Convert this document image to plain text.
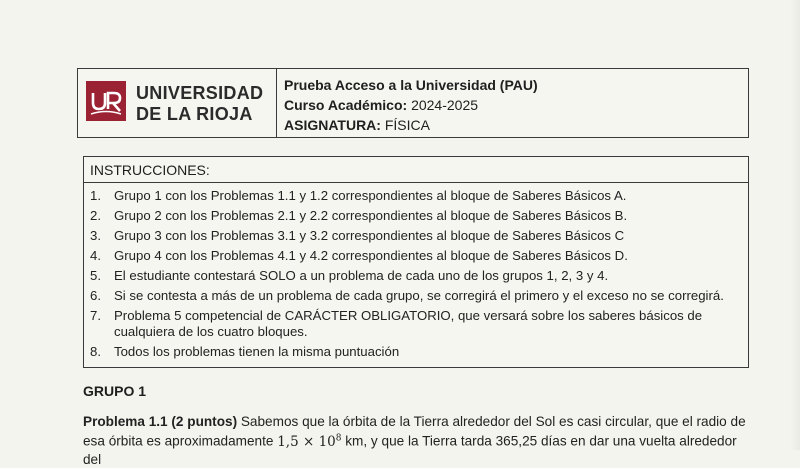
UNIVERSIDAD
DE LA RIOJA
Prueba Acceso a la Universidad (PAU)
Curso Académico: 2024-2025
ASIGNATURA: FÍSICA
INSTRUCCIONES:
1. Grupo 1 con los Problemas 1.1 y 1.2 correspondientes al bloque de Saberes Básicos A.
2. Grupo 2 con los Problemas 2.1 y 2.2 correspondientes al bloque de Saberes Básicos B.
3. Grupo 3 con los Problemas 3.1 y 3.2 correspondientes al bloque de Saberes Básicos C
4. Grupo 4 con los Problemas 4.1 y 4.2 correspondientes al bloque de Saberes Básicos D.
5. El estudiante contestará SOLO a un problema de cada uno de los grupos 1, 2, 3 y 4.
6. Si se contesta a más de un problema de cada grupo, se corregirá el primero y el exceso no se corregirá.
7. Problema 5 competencial de CARÁCTER OBLIGATORIO, que versará sobre los saberes básicos de cualquiera de los cuatro bloques.
8. Todos los problemas tienen la misma puntuación
GRUPO 1
Problema 1.1 (2 puntos) Sabemos que la órbita de la Tierra alrededor del Sol es casi circular, que el radio de esa órbita es aproximadamente $1,5 \times 10^8$ km, y que la Tierra tarda 365,25 días en dar una vuelta alrededor del
